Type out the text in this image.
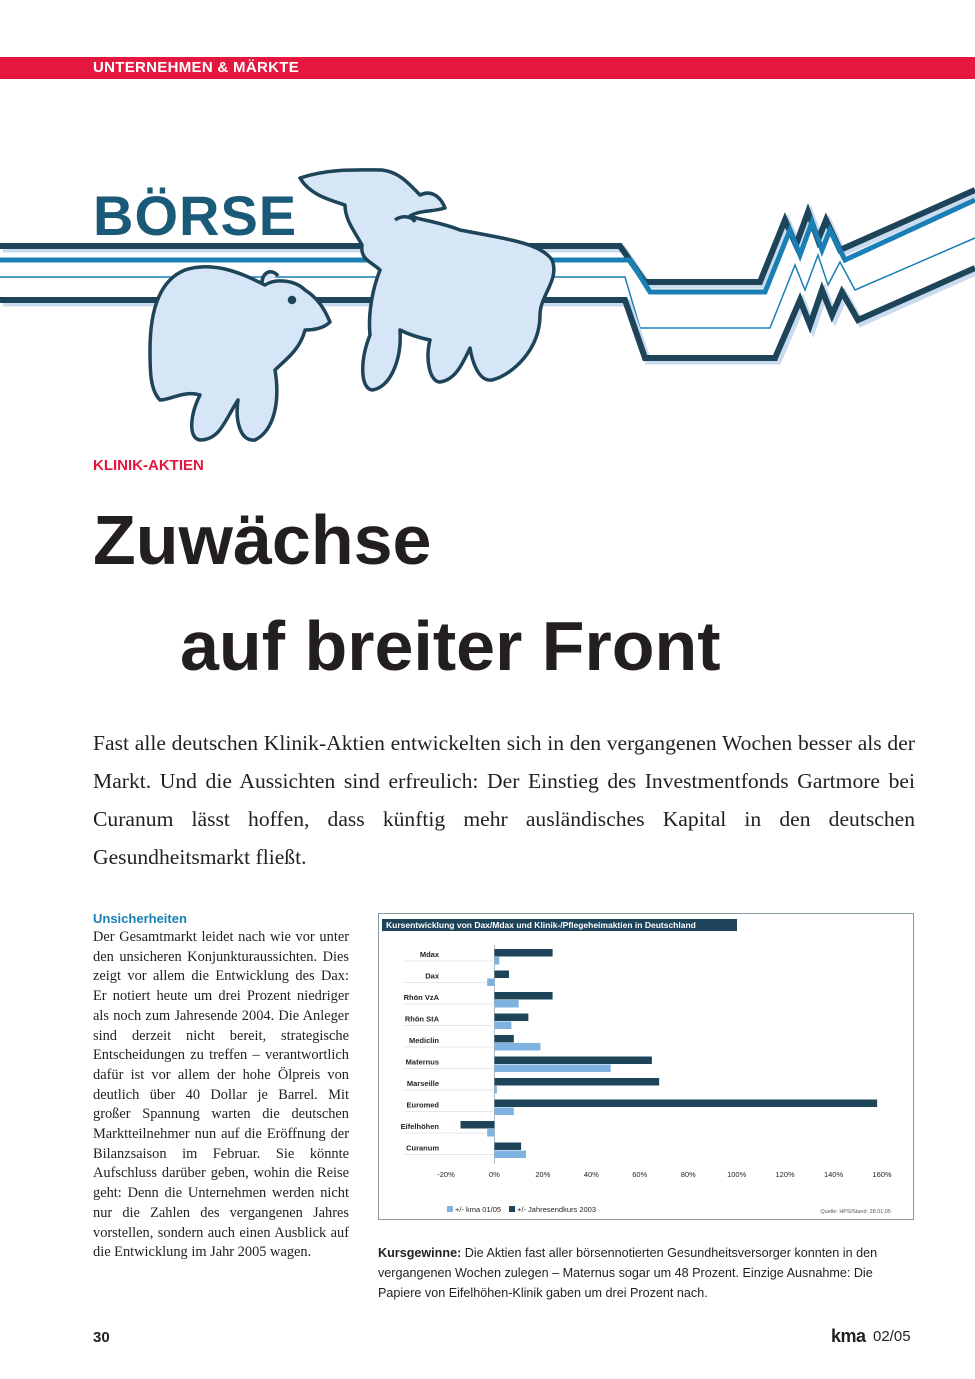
UNTERNEHMEN & MÄRKTE
BÖRSE
KLINIK-AKTIEN
Zuwächse
auf breiter Front

Fast alle deutschen Klinik-Aktien entwickelten sich in den vergangenen Wochen besser als der Markt. Und die Aussichten sind erfreulich: Der Einstieg des Investmentfonds Gartmore bei Curanum lässt hoffen, dass künftig mehr ausländisches Kapital in den deutschen Gesundheitsmarkt fließt.

Unsicherheiten

Der Gesamtmarkt leidet nach wie vor unter den unsicheren Konjunkturaussichten. Dies zeigt vor allem die Entwicklung des Dax: Er notiert heute um drei Prozent niedriger als noch zum Jahresende 2004. Die Anleger sind derzeit nicht bereit, strategische Entscheidungen zu treffen – verantwortlich dafür ist vor allem der hohe Ölpreis von deutlich über 40 Dollar je Barrel. Mit großer Spannung warten die deutschen Marktteilnehmer nun auf die Eröffnung der Bilanzsaison im Februar. Sie könnte Aufschluss darüber geben, wohin die Reise geht: Denn die Unternehmen werden nicht nur die Zahlen des vergangenen Jahres vorstellen, sondern auch einen Ausblick auf die Entwicklung im Jahr 2005 wagen.

Mdax
Dax
Rhön VzA
Rhön StA
Mediclin
Maternus
Marseille
Euromed
Eifelhöhen
Curanum
-20%	0%	20%	40%	60%	80%	100%	120%	140%	160%
+/- kma 01/05 +/- Jahresendkurs 2003	Quelle: HPS/Stand: 28.01.05
Kursentwicklung von Dax/Mdax und Klinik-/Pflegeheimaktien in Deutschland
Kursgewinne: Die Aktien fast aller börsennotierten Gesundheitsversorger konnten in den vergangenen Wochen zulegen – Maternus sogar um 48 Prozent. Einzige Ausnahme: Die Papiere von Eifelhöhen-Klinik gaben um drei Prozent nach.
30	kma 02/05
